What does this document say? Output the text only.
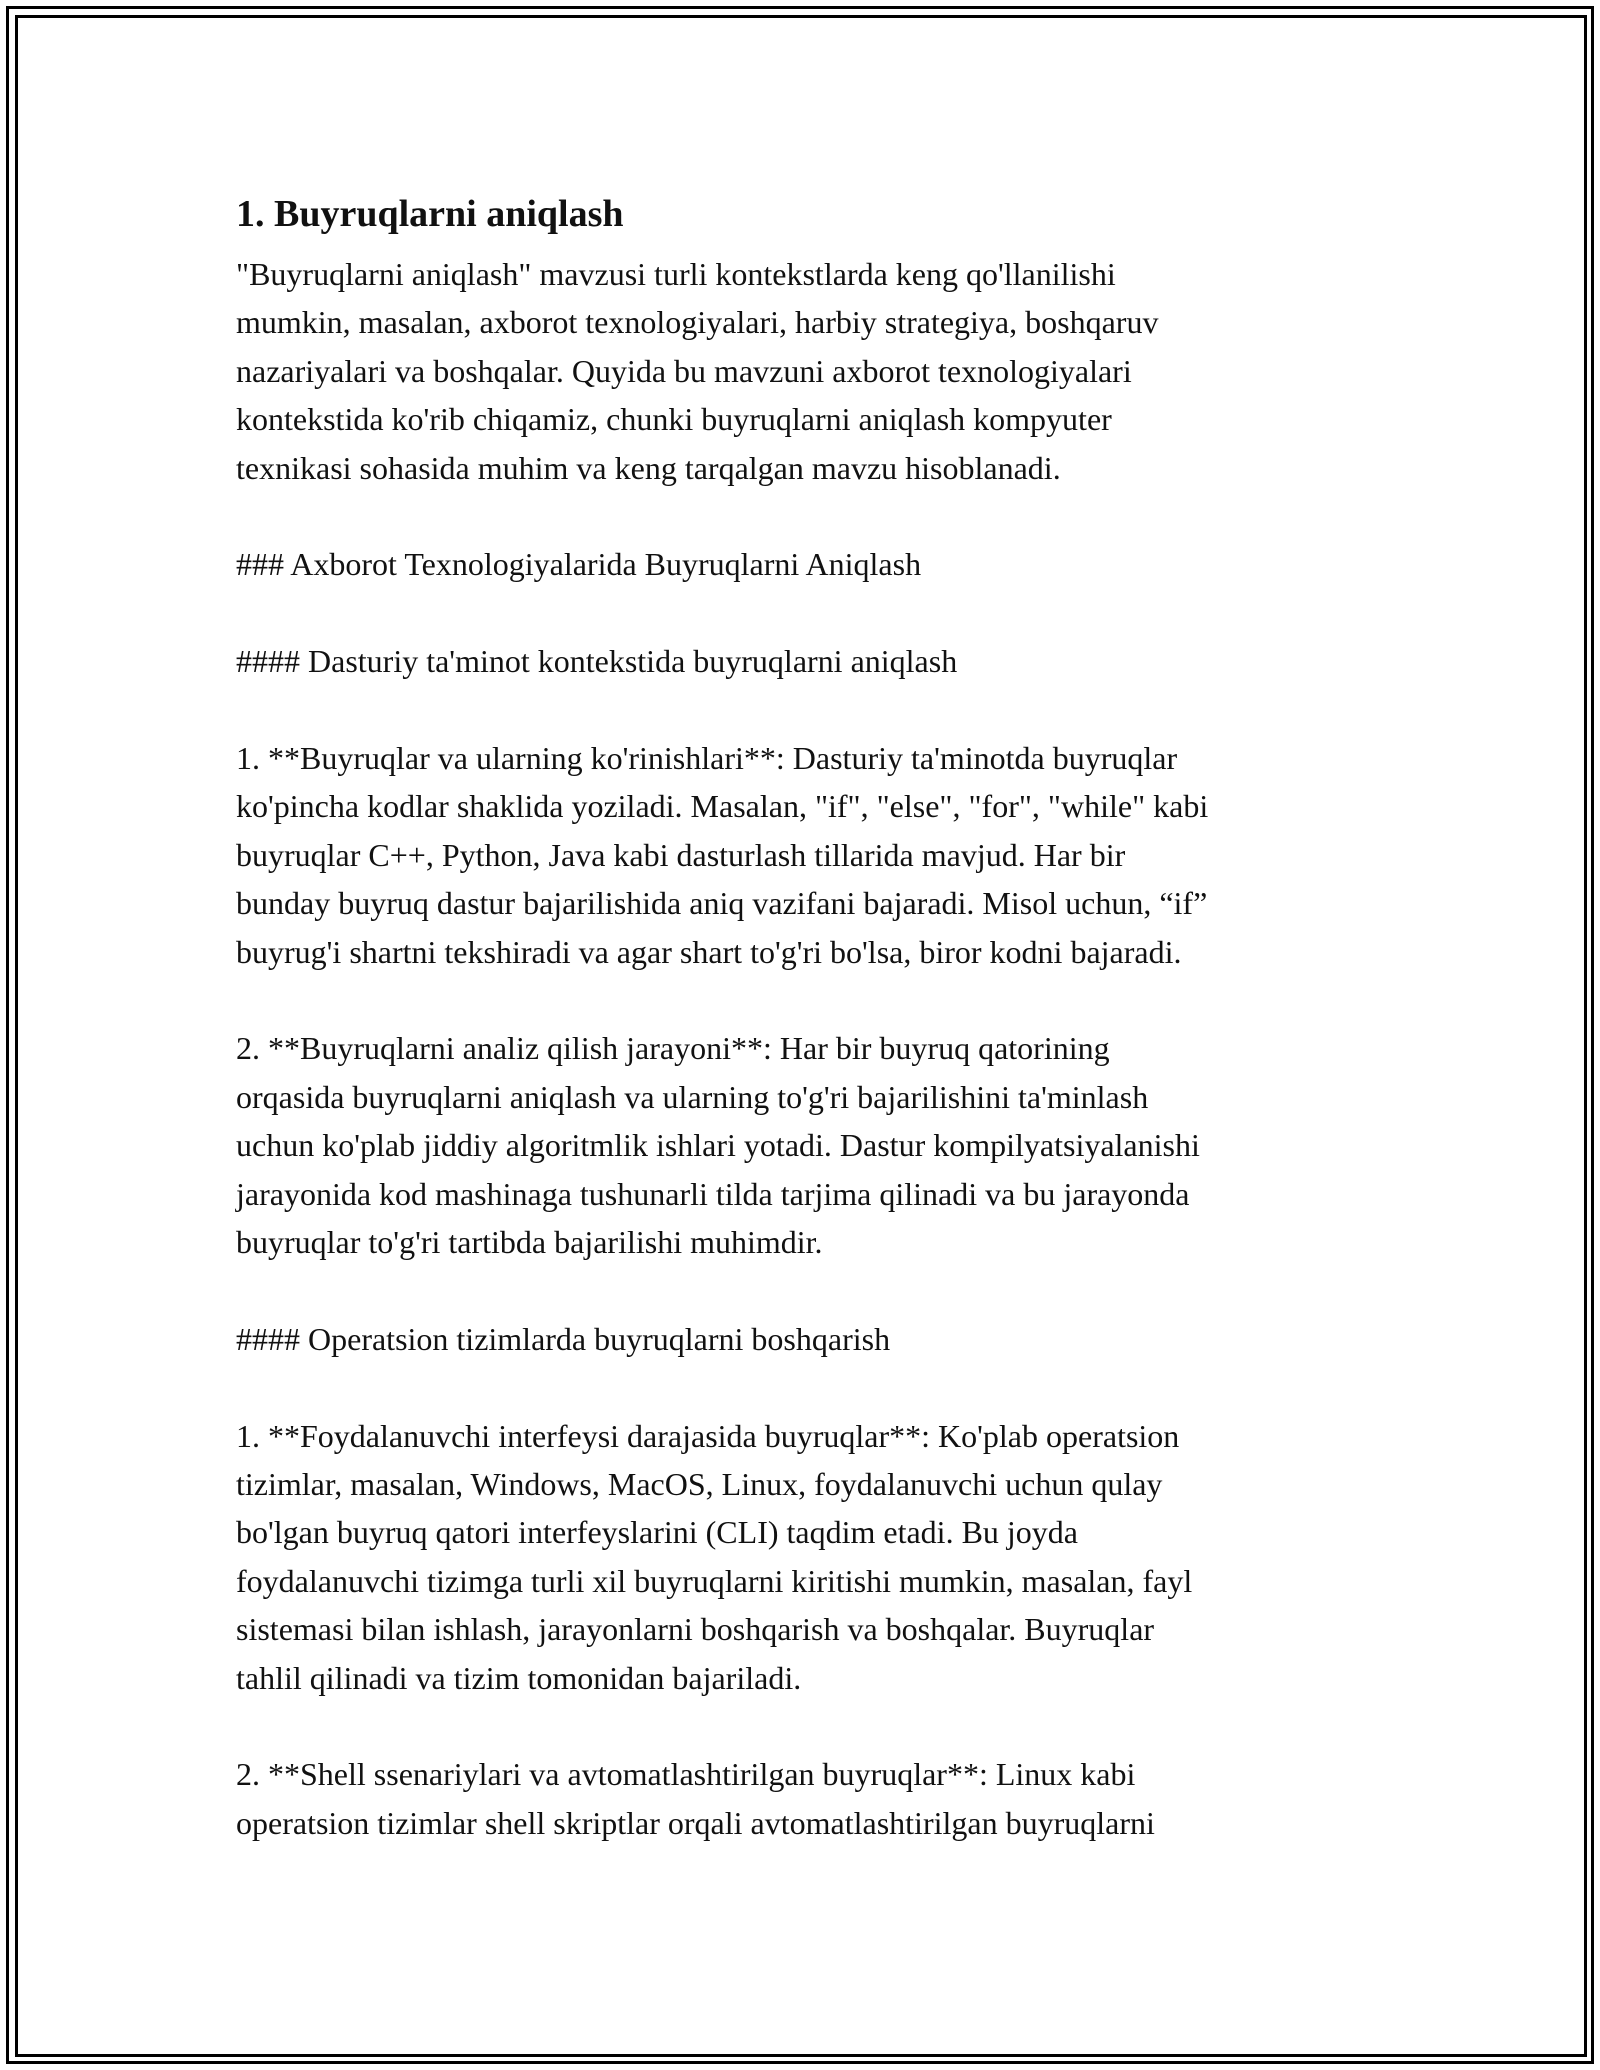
1. Buyruqlarni aniqlash
"Buyruqlarni aniqlash" mavzusi turli kontekstlarda keng qo'llanilishi
mumkin, masalan, axborot texnologiyalari, harbiy strategiya, boshqaruv
nazariyalari va boshqalar. Quyida bu mavzuni axborot texnologiyalari
kontekstida ko'rib chiqamiz, chunki buyruqlarni aniqlash kompyuter
texnikasi sohasida muhim va keng tarqalgan mavzu hisoblanadi.
### Axborot Texnologiyalarida Buyruqlarni Aniqlash
#### Dasturiy ta'minot kontekstida buyruqlarni aniqlash
1. **Buyruqlar va ularning ko'rinishlari**: Dasturiy ta'minotda buyruqlar
ko'pincha kodlar shaklida yoziladi. Masalan, "if", "else", "for", "while" kabi
buyruqlar C++, Python, Java kabi dasturlash tillarida mavjud. Har bir
bunday buyruq dastur bajarilishida aniq vazifani bajaradi. Misol uchun, “if”
buyrug'i shartni tekshiradi va agar shart to'g'ri bo'lsa, biror kodni bajaradi.
2. **Buyruqlarni analiz qilish jarayoni**: Har bir buyruq qatorining
orqasida buyruqlarni aniqlash va ularning to'g'ri bajarilishini ta'minlash
uchun ko'plab jiddiy algoritmlik ishlari yotadi. Dastur kompilyatsiyalanishi
jarayonida kod mashinaga tushunarli tilda tarjima qilinadi va bu jarayonda
buyruqlar to'g'ri tartibda bajarilishi muhimdir.
#### Operatsion tizimlarda buyruqlarni boshqarish
1. **Foydalanuvchi interfeysi darajasida buyruqlar**: Ko'plab operatsion
tizimlar, masalan, Windows, MacOS, Linux, foydalanuvchi uchun qulay
bo'lgan buyruq qatori interfeyslarini (CLI) taqdim etadi. Bu joyda
foydalanuvchi tizimga turli xil buyruqlarni kiritishi mumkin, masalan, fayl
sistemasi bilan ishlash, jarayonlarni boshqarish va boshqalar. Buyruqlar
tahlil qilinadi va tizim tomonidan bajariladi.
2. **Shell ssenariylari va avtomatlashtirilgan buyruqlar**: Linux kabi
operatsion tizimlar shell skriptlar orqali avtomatlashtirilgan buyruqlarni
